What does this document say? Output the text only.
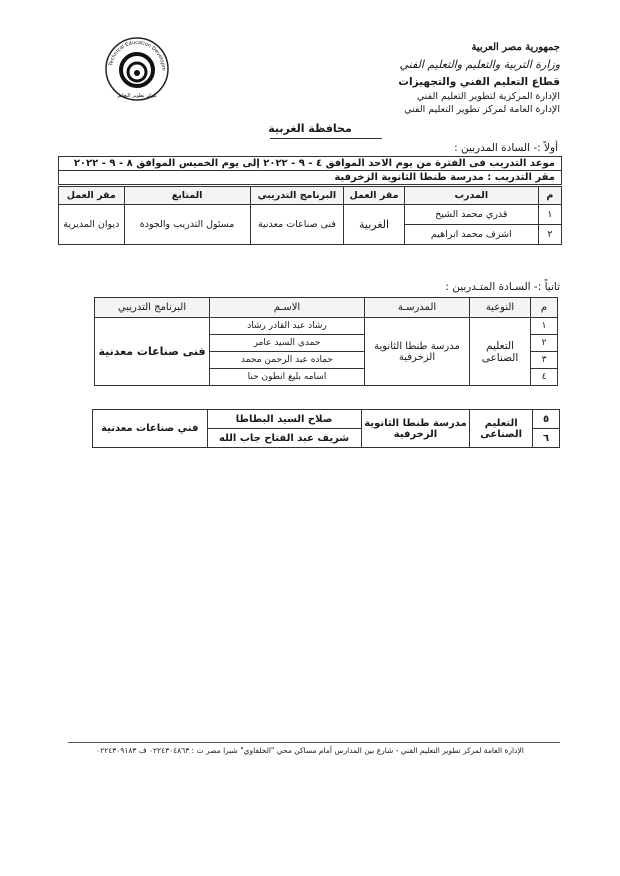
Technical Education Developm
مركز تطوير التعليم
جمهورية مصر العربية
وزارة التربية والتعليم والتعليم الفني
قطاع التعليم الفني والتجهيزات
الإدارة المركزية لتطوير التعليم الفني
الإدارة العامة لمركز تطوير التعليم الفني
محافظة الغربية
أولاً :- السادة المدربين :
موعد التدريب فى الفترة من يوم الاحد الموافق ٤ - ٩ - ٢٠٢٢ إلى يوم الخميس الموافق ٨ - ٩ - ٢٠٢٢					
مقر التدريب : مدرسة طنطا الثانوية الزخرفية					
م	المدرب	مقر العمل	البرنامج التدريبي	المتابع	مقر العمل
١	قدري محمد الشيخ	الغربية	فنى صناعات معدنية	مسئول التدريب والجودة	ديوان المديرية
٢	اشرف محمد ابراهيم				
ثانياً :- السـادة المتـدربين :
م	النوعية	المدرسـة	الاسـم	البرنامج التدريبي
١	التعليم الصناعى	مدرسة طنطا الثانوية الزخرفية	رشاد عبد القادر رشاد	فنى صناعات معدنية
٢			حمدي السيد عامر	
٣			حماده عبد الرحمن محمد	
٤			اسامه بليغ انطون حنا	
٥	التعليم الصناعى	مدرسة طنطا الثانوية الزخرفية	صلاح السيد البطاطا	فني صناعات معدنية
٦			شريف عبد الفتاح جاب الله	
الإدارة العامة لمركز تطوير التعليم الفني - شارع بين المدارس أمام مساكن محي "الخلفاوي" شبرا مصر ت : ٠٢٢٤٣٠٤٨٦٣ ف ٠٢٢٤٣٠٩١٨٣
